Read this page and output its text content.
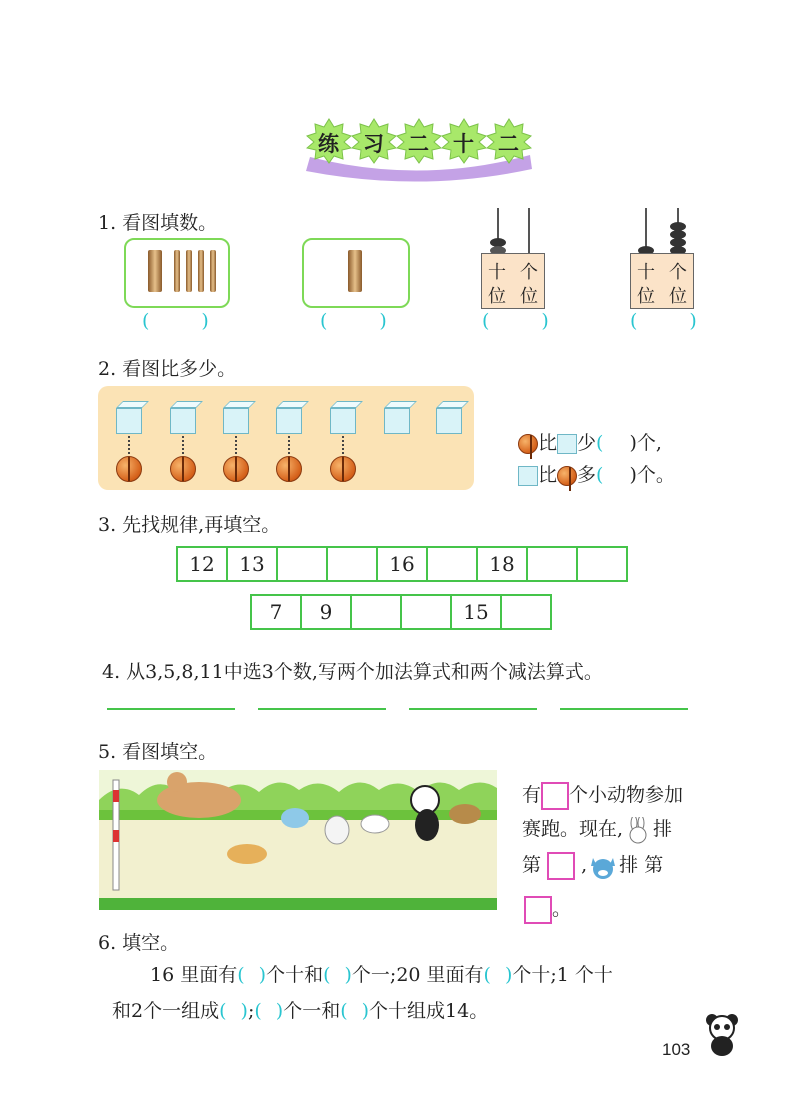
练 习 二 十 二
1. 看图填数。
十 个
位 位
十 个
位 位
(	)	(	)	(	)	(	)
2. 看图比多少。
比 少( )个,
比 多( )个。
3. 先找规律,再填空。
12	13			16		18		
7	9			15	
4. 从3,5,8,11中选3个数,写两个加法算式和两个减法算式。
5. 看图填空。
有 个小动物参加
赛跑。现在, 排
第 , 排 第
。
6. 填空。
16 里面有( )个十和( )个一;20 里面有( )个十;1 个十
和2个一组成( );( )个一和( )个十组成14。
103
